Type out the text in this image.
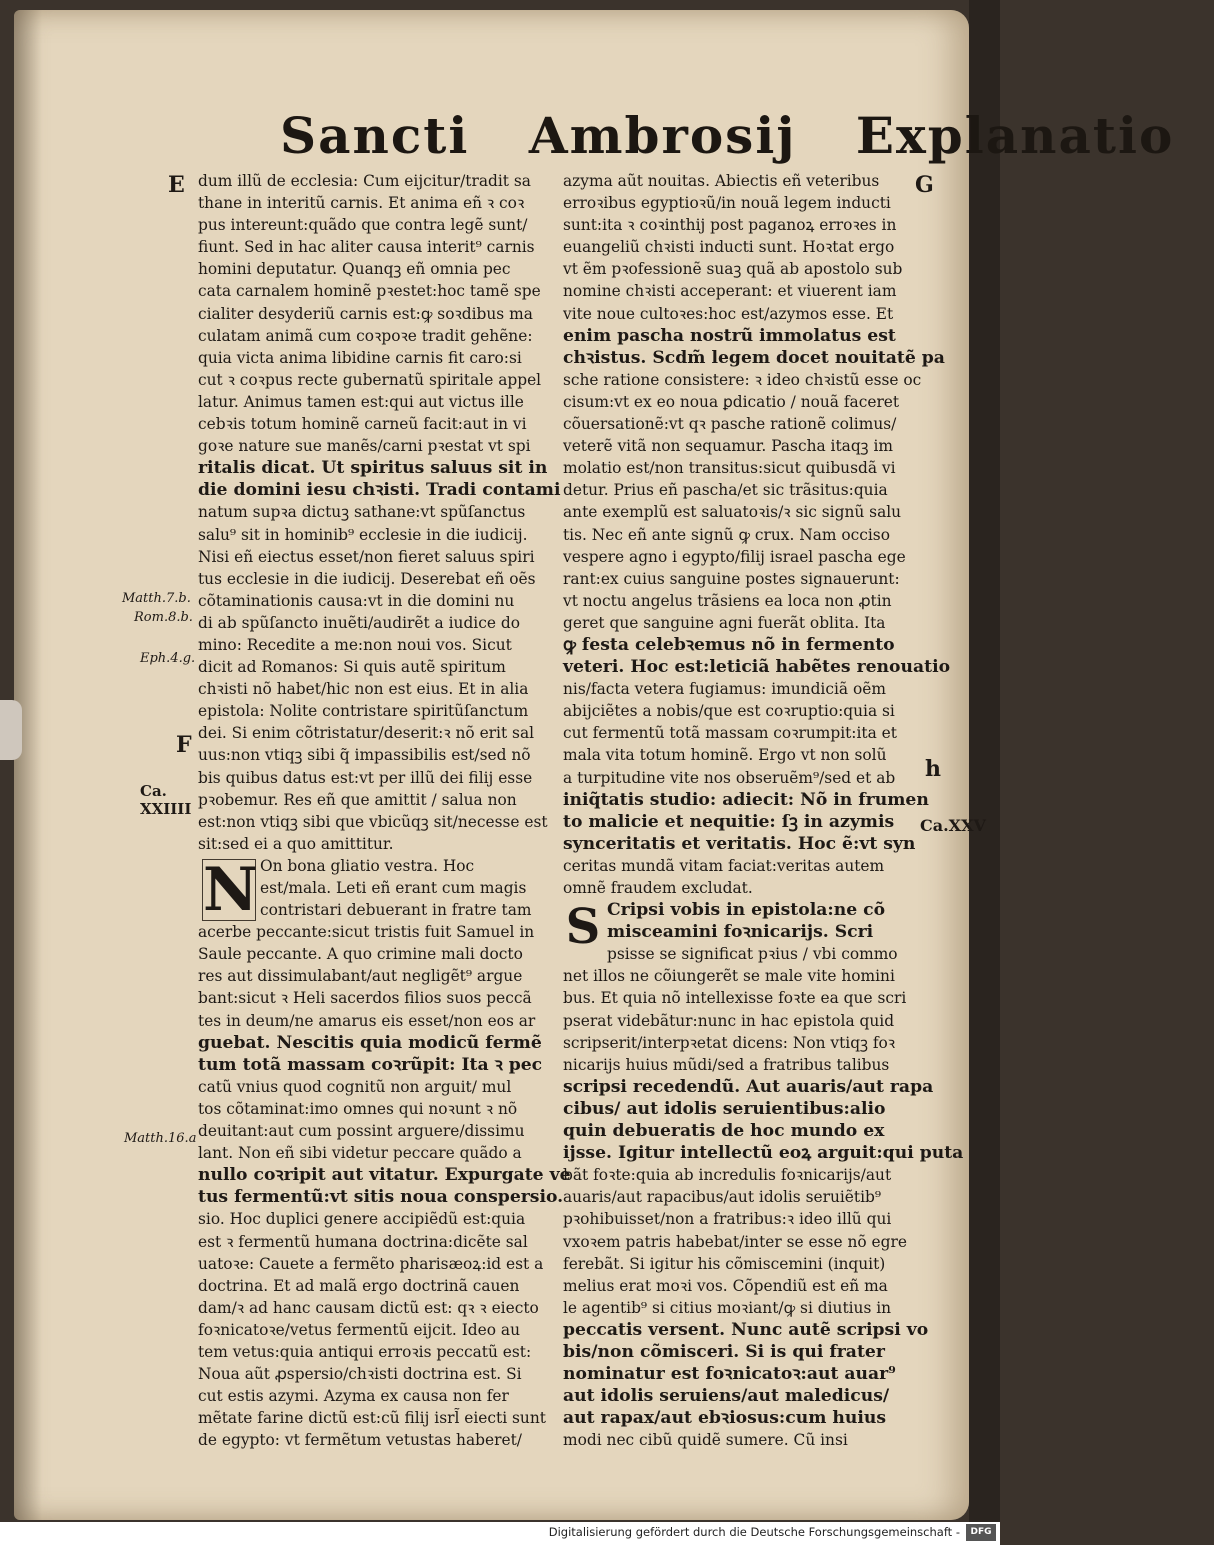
Sancti Ambrosij Explanatio
E
F
G
h
Ca.
XXIIII
Ca.XXV
Matth.7.b.
Rom.8.b.
Eph.4.g.
Matth.16.a
dum illũ de ecclesia: Cum eijcitur/tradit sa
thane in interitũ carnis. Et anima eñ ꝛ coꝛ
pus intereunt:quãdo que contra legẽ sunt/
fiunt. Sed in hac aliter causa interit⁹ carnis
homini deputatur. Quanqꝫ eñ omnia pec
cata carnalem hominẽ pꝛestet:hoc tamẽ spe
cialiter desyderiũ carnis est:ꝙ soꝛdibus ma
culatam animã cum coꝛpoꝛe tradit gehẽne:
quia victa anima libidine carnis fit caro:si
cut ꝛ coꝛpus recte gubernatũ spiritale appel
latur. Animus tamen est:qui aut victus ille
cebꝛis totum hominẽ carneũ facit:aut in vi
goꝛe nature sue manẽs/carni pꝛestat vt spi
ritalis dicat. Ut spiritus saluus sit in
die domini iesu chꝛisti. Tradi contami
natum supꝛa dictuꝫ sathane:vt spũſanctus
salu⁹ sit in hominib⁹ ecclesie in die iudicij.
Nisi eñ eiectus esset/non fieret saluus spiri
tus ecclesie in die iudicij. Deserebat eñ oẽs
cõtaminationis causa:vt in die domini nu
di ab spũſancto inuẽti/audirẽt a iudice do
mino: Recedite a me:non noui vos. Sicut
dicit ad Romanos: Si quis autẽ spiritum
chꝛisti nõ habet/hic non est eius. Et in alia
epistola: Nolite contristare spiritũſanctum
dei. Si enim cõtristatur/deserit:ꝛ nõ erit sal
uus:non vtiqꝫ sibi q̃ impassibilis est/sed nõ
bis quibus datus est:vt per illũ dei filij esse
pꝛobemur. Res eñ que amittit / salua non
est:non vtiqꝫ sibi que vbicũqꝫ sit/necesse est
sit:sed ei a quo amittitur.
N On bona gliatio vestra. Hoc
est/mala. Leti eñ erant cum magis
contristari debuerant in fratre tam
acerbe peccante:sicut tristis fuit Samuel in
Saule peccante. A quo crimine mali docto
res aut dissimulabant/aut negligẽt⁹ argue
bant:sicut ꝛ Heli sacerdos filios suos peccã
tes in deum/ne amarus eis esset/non eos ar
guebat. Nescitis quia modicũ fermẽ
tum totã massam coꝛrũpit: Ita ꝛ pec
catũ vnius quod cognitũ non arguit/ mul
tos cõtaminat:imo omnes qui noꝛunt ꝛ nõ
deuitant:aut cum possint arguere/dissimu
lant. Non eñ sibi videtur peccare quãdo a
nullo coꝛripit aut vitatur. Expurgate ve
tus fermentũ:vt sitis noua conspersio.
sio. Hoc duplici genere accipiẽdũ est:quia
est ꝛ fermentũ humana doctrina:dicẽte sal
uatoꝛe: Cauete a fermẽto pharisæoꝝ:id est a
doctrina. Et ad malã ergo doctrinã cauen
dam/ꝛ ad hanc causam dictũ est: qꝛ ꝛ eiecto
foꝛnicatoꝛe/vetus fermentũ eijcit. Ideo au
tem vetus:quia antiqui erroꝛis peccatũ est:
Noua aũt ꝓspersio/chꝛisti doctrina est. Si
cut estis azymi. Azyma ex causa non fer
mẽtate farine dictũ est:cũ filij isrl̃ eiecti sunt
de egypto: vt fermẽtum vetustas haberet/
azyma aũt nouitas. Abiectis eñ veteribus
erroꝛibus egyptioꝛũ/in nouã legem inducti
sunt:ita ꝛ coꝛinthij post paganoꝝ erroꝛes in
euangeliũ chꝛisti inducti sunt. Hoꝛtat ergo
vt ẽm pꝛofessionẽ suaꝫ quã ab apostolo sub
nomine chꝛisti acceperant: et viuerent iam
vite noue cultoꝛes:hoc est/azymos esse. Et
enim pascha nostrũ immolatus est
chꝛistus. Scdm̃ legem docet nouitatẽ pa
sche ratione consistere: ꝛ ideo chꝛistũ esse oc
cisum:vt ex eo noua ꝑdicatio / nouã faceret
cõuersationẽ:vt qꝛ pasche rationẽ colimus/
veterẽ vitã non sequamur. Pascha itaqꝫ im
molatio est/non transitus:sicut quibusdã vi
detur. Prius eñ pascha/et sic trãsitus:quia
ante exemplũ est saluatoꝛis/ꝛ sic signũ salu
tis. Nec eñ ante signũ ꝙ crux. Nam occiso
vespere agno i egypto/filij israel pascha ege
rant:ex cuius sanguine postes signauerunt:
vt noctu angelus trãsiens ea loca non ꝓtin
geret que sanguine agni fuerãt oblita. Ita
ꝙ festa celebꝛemus nõ in fermento
veteri. Hoc est:leticiã habẽtes renouatio
nis/facta vetera fugiamus: imundiciã oẽm
abijciẽtes a nobis/que est coꝛruptio:quia si
cut fermentũ totã massam coꝛrumpit:ita et
mala vita totum hominẽ. Ergo vt non solũ
a turpitudine vite nos obseruẽm⁹/sed et ab
iniq̃tatis studio: adiecit: Nõ in frumen
to malicie et nequitie: ſꝫ in azymis
synceritatis et veritatis. Hoc ẽ:vt syn
ceritas mundã vitam faciat:veritas autem
omnẽ fraudem excludat.
S Cripsi vobis in epistola:ne cõ
misceamini foꝛnicarijs. Scri
psisse se significat pꝛius / vbi commo
net illos ne cõiungerẽt se male vite homini
bus. Et quia nõ intellexisse foꝛte ea que scri
pserat videbãtur:nunc in hac epistola quid
scripserit/interpꝛetat dicens: Non vtiqꝫ foꝛ
nicarijs huius mũdi/sed a fratribus talibus
scripsi recedendũ. Aut auaris/aut rapa
cibus/ aut idolis seruientibus:alio
quin debueratis de hoc mundo ex
ijsse. Igitur intellectũ eoꝝ arguit:qui puta
bãt foꝛte:quia ab incredulis foꝛnicarijs/aut
auaris/aut rapacibus/aut idolis seruiẽtib⁹
pꝛohibuisset/non a fratribus:ꝛ ideo illũ qui
vxoꝛem patris habebat/inter se esse nõ egre
ferebãt. Si igitur his cõmiscemini (inquit)
melius erat moꝛi vos. Cõpendiũ est eñ ma
le agentib⁹ si citius moꝛiant/ꝙ si diutius in
peccatis versent. Nunc autẽ scripsi vo
bis/non cõmisceri. Si is qui frater
nominatur est foꝛnicatoꝛ:aut auar⁹
aut idolis seruiens/aut maledicus/
aut rapax/aut ebꝛiosus:cum huius
modi nec cibũ quidẽ sumere. Cũ insi
Digitalisierung gefördert durch die Deutsche Forschungsgemeinschaft -	DFG
